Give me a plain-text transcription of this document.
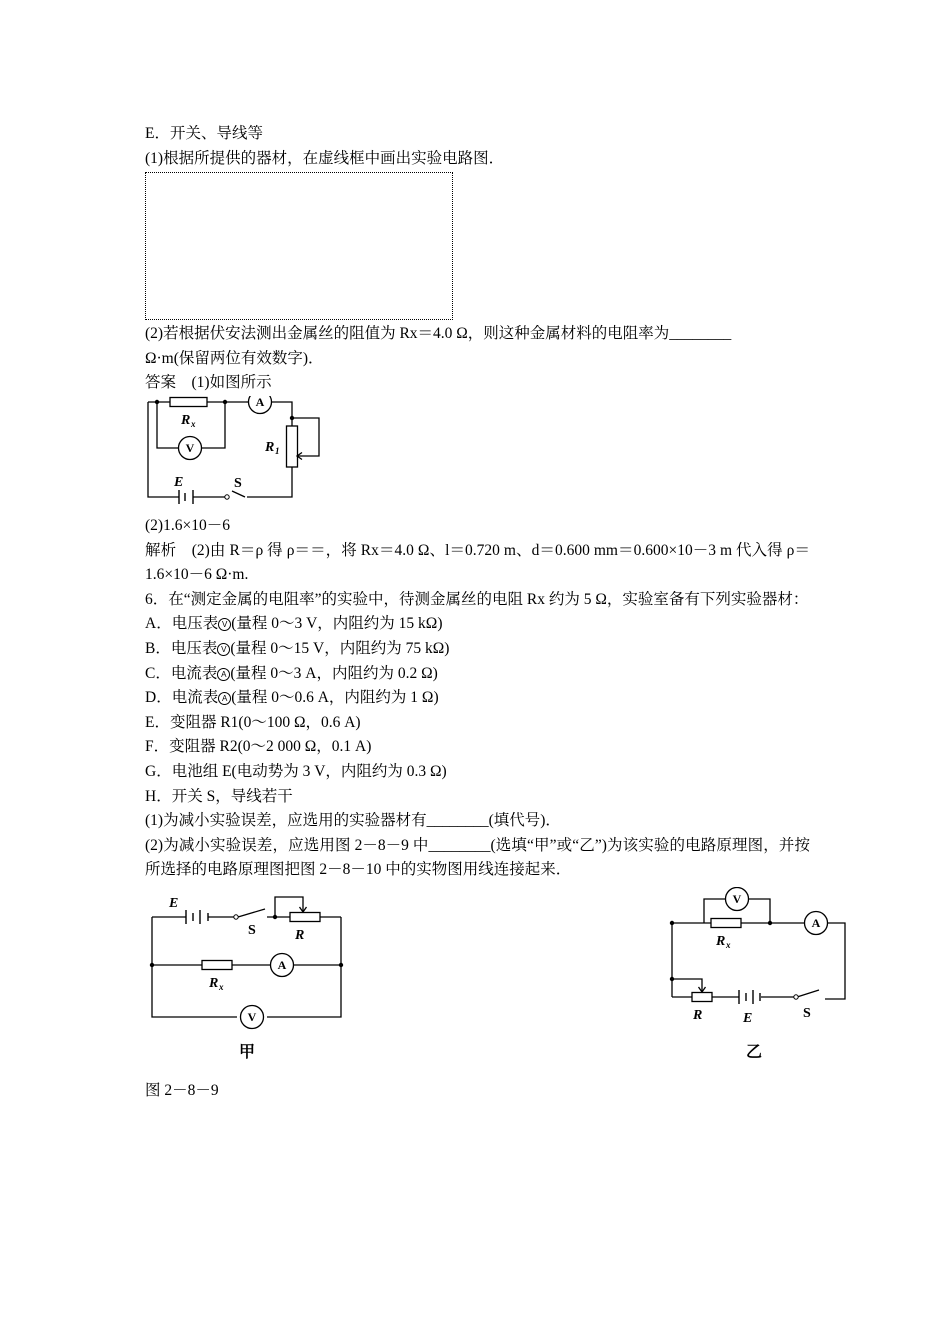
E．开关、导线等
(1)根据所提供的器材，在虚线框中画出实验电路图．
(2)若根据伏安法测出金属丝的阻值为 Rx＝4.0 Ω，则这种金属材料的电阻率为________
Ω·m(保留两位有效数字)．
答案　(1)如图所示
A
V
R x
R 1
E	S
(2)1.6×10－6
解析　(2)由 R＝ρ 得 ρ＝＝，将 Rx＝4.0 Ω、l＝0.720 m、d＝0.600 mm＝0.600×10－3 m 代入得 ρ＝1.6×10－6 Ω·m.
6．在“测定金属的电阻率”的实验中，待测金属丝的电阻 Rx 约为 5 Ω，实验室备有下列实验器材：
A．电压表 V (量程 0～3 V，内阻约为 15 kΩ)
B．电压表 V (量程 0～15 V，内阻约为 75 kΩ)
C．电流表 A (量程 0～3 A，内阻约为 0.2 Ω)
D．电流表 A (量程 0～0.6 A，内阻约为 1 Ω)
E．变阻器 R1(0～100 Ω，0.6 A)
F．变阻器 R2(0～2 000 Ω，0.1 A)
G．电池组 E(电动势为 3 V，内阻约为 0.3 Ω)
H．开关 S，导线若干
(1)为减小实验误差，应选用的实验器材有________(填代号)．
(2)为减小实验误差，应选用图 2－8－9 中________(选填“甲”或“乙”)为该实验的电路原理图，并按所选择的电路原理图把图 2－8－10 中的实物图用线连接起来．
A
V
E
S	R
R x
甲
V
A
R x
R	E	S
乙
图 2－8－9
